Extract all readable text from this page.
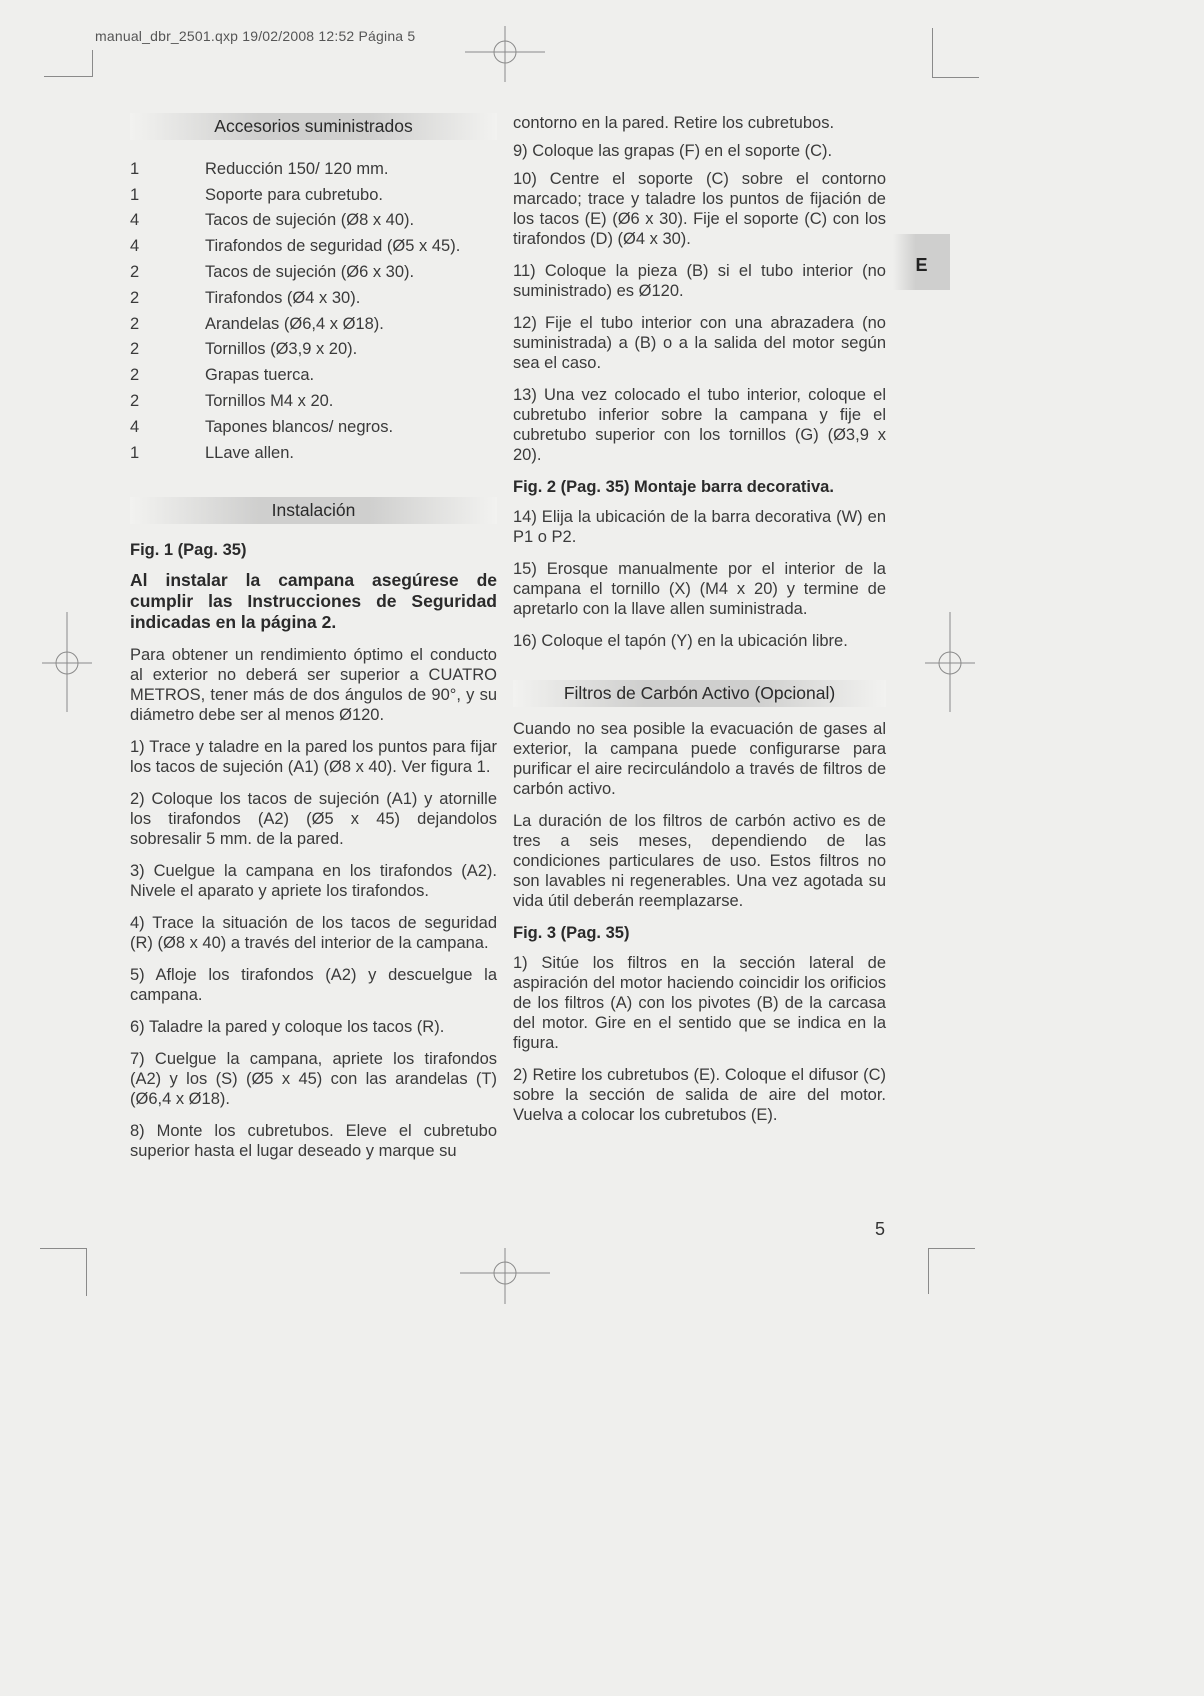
manual_dbr_2501.qxp 19/02/2008 12:52 Página 5
E
Accesorios suministrados
1	Reducción 150/ 120 mm.
1	Soporte para cubretubo.
4	Tacos de sujeción (Ø8 x 40).
4	Tirafondos de seguridad (Ø5 x 45).
2	Tacos de sujeción (Ø6 x 30).
2	Tirafondos (Ø4 x 30).
2	Arandelas (Ø6,4 x Ø18).
2	Tornillos (Ø3,9 x 20).
2	Grapas tuerca.
2	Tornillos M4 x 20.
4	Tapones blancos/ negros.
1	LLave allen.
Instalación
Fig. 1 (Pag. 35)

Al instalar la campana asegúrese de cumplir las Instrucciones de Seguridad indicadas en la página 2.

Para obtener un rendimiento óptimo el conducto al exterior no deberá ser superior a CUATRO METROS, tener más de dos ángulos de 90°, y su diámetro debe ser al menos Ø120.

1) Trace y taladre en la pared los puntos para fijar los tacos de sujeción (A1) (Ø8 x 40). Ver figura 1.

2) Coloque los tacos de sujeción (A1) y atornille los tirafondos (A2) (Ø5 x 45) dejandolos sobresalir 5 mm. de la pared.

3) Cuelgue la campana en los tirafondos (A2). Nivele el aparato y apriete los tirafondos.

4) Trace la situación de los tacos de seguridad (R) (Ø8 x 40) a través del interior de la campana.

5) Afloje los tirafondos (A2) y descuelgue la campana.

6) Taladre la pared y coloque los tacos (R).

7) Cuelgue la campana, apriete los tirafondos (A2) y los (S) (Ø5 x 45) con las arandelas (T) (Ø6,4 x Ø18).

8) Monte los cubretubos. Eleve el cubretubo superior hasta el lugar deseado y marque su

contorno en la pared. Retire los cubretubos.

9) Coloque las grapas (F) en el soporte (C).

10) Centre el soporte (C) sobre el contorno marcado; trace y taladre los puntos de fijación de los tacos (E) (Ø6 x 30). Fije el soporte (C) con los tirafondos (D) (Ø4 x 30).

11) Coloque la pieza (B) si el tubo interior (no suministrado) es Ø120.

12) Fije el tubo interior con una abrazadera (no suministrada) a (B) o a la salida del motor según sea el caso.

13) Una vez colocado el tubo interior, coloque el cubretubo inferior sobre la campana y fije el cubretubo superior con los tornillos (G) (Ø3,9 x 20).

Fig. 2 (Pag. 35) Montaje barra decorativa.

14) Elija la ubicación de la barra decorativa (W) en P1 o P2.

15) Erosque manualmente por el interior de la campana el tornillo (X) (M4 x 20) y termine de apretarlo con la llave allen suministrada.

16) Coloque el tapón (Y) en la ubicación libre.

Filtros de Carbón Activo (Opcional)

Cuando no sea posible la evacuación de gases al exterior, la campana puede configurarse para purificar el aire recirculándolo a través de filtros de carbón activo.

La duración de los filtros de carbón activo es de tres a seis meses, dependiendo de las condiciones particulares de uso. Estos filtros no son lavables ni regenerables. Una vez agotada su vida útil deberán reemplazarse.

Fig. 3 (Pag. 35)

1) Sitúe los filtros en la sección lateral de aspiración del motor haciendo coincidir los orificios de los filtros (A) con los pivotes (B) de la carcasa del motor. Gire en el sentido que se indica en la figura.

2) Retire los cubretubos (E). Coloque el difusor (C) sobre la sección de salida de aire del motor. Vuelva a colocar los cubretubos (E).

5
